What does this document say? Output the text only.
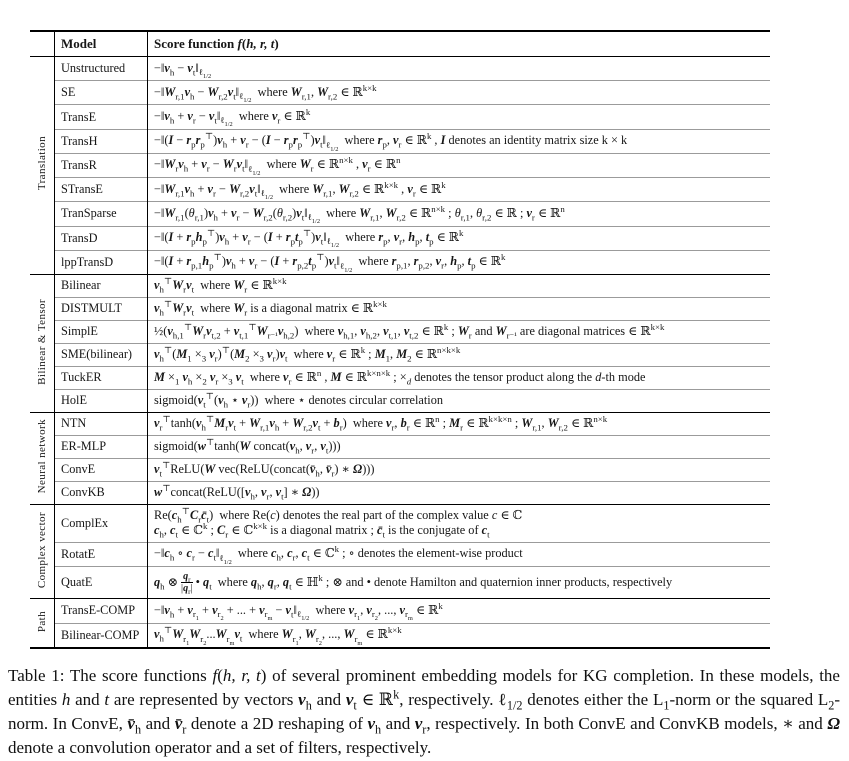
	Model	Score function f(h, r, t)
Translation	Unstructured	$-‖v_h$ − $v_t‖_{\ell_{1/2}}$
	SE	$-‖W_{r,1}v_h$ − $W_{r,2}v_t‖_{\ell_{1/2}}$  where $W_{r,1}$, $W_{r,2}$ ∈ ℝ$^{k\times k}$
	TransE	$-‖v_h + v_r$ − $v_t‖_{\ell_{1/2}}$  where $v_r$ ∈ ℝ$^k$
	TransH	−‖(I − $r_pr_p^⊤)v_h + v_r - (I$ − $r_pr_p^⊤)v_t‖_{\ell_{1/2}}$  where $r_p$, $v_r$ ∈ ℝ$^k$ , I denotes an identity matrix size k × k
	TransR	$-‖W_rv_h + v_r$ − $W_rv_t‖_{\ell_{1/2}}$  where $W_r$ ∈ ℝ$^{n\times k}$ , $v_r$ ∈ ℝ$^n$
	STransE	$-‖W_{r,1}v_h + v_r$ − $W_{r,2}v_t‖_{\ell_{1/2}}$  where $W_{r,1}$, $W_{r,2}$ ∈ ℝ$^{k\times k}$ , $v_r$ ∈ ℝ$^k$
	TranSparse	$-‖W_{r,1}(\theta_{r,1})v_h + v_r$ − $W_{r,2}(\theta_{r,2})v_t‖_{\ell_{1/2}}$  where $W_{r,1}$, $W_{r,2}$ ∈ ℝ$^{n\times k}$ ; $\theta_{r,1}$, $\theta_{r,2}$ ∈ ℝ ; $v_r$ ∈ ℝ$^n$
	TransD	−‖(I + $r_ph_p^⊤)v_h + v_r - (I$ + $r_pt_p^⊤)v_t‖_{\ell_{1/2}}$  where $r_p$, $v_r$, $h_p$, $t_p$ ∈ ℝ$^k$
	lppTransD	−‖(I + $r_{p,1}h_p^⊤)v_h + v_r - (I$ + $r_{p,2}t_p^⊤)v_t‖_{\ell_{1/2}}$  where $r_{p,1}$, $r_{p,2}$, $v_r$, $h_p$, $t_p$ ∈ ℝ$^k$
Bilinear & Tensor	Bilinear	$v_h^⊤W_rv_t$  where $W_r$ ∈ ℝ$^{k\times k}$
	DISTMULT	$v_h^⊤W_rv_t$  where $W_r$ is a diagonal matrix ∈ ℝ$^{k\times k}$
	SimplE	$\frac{1}{2}(v_{h,1}^⊤W_rv_{t,2} + v_{t,1}^⊤W_{r^{-1}}v_{h,2})$  where $v_{h,1}$, $v_{h,2}$, $v_{t,1}$, $v_{t,2}$ ∈ ℝ$^k$ ; $W_r$ and $W_{r^{-1}}$ are diagonal matrices ∈ ℝ$^{k\times k}$
	SME(bilinear)	$v_h^⊤(M_1 \times_3$ $v_r)^⊤(M_2 \times_3$ $v_r)v_t$  where $v_r$ ∈ ℝ$^k$ ; $M_1$, $M_2$ ∈ ℝ$^{n\times k\times k}$
	TuckER	$M \times_1$ $v_h \times_2$ $v_r \times_3$ $v_t$  where $v_r$ ∈ ℝ$^n$ , M ∈ ℝ$^{k\times n\times k}$ ; $\times_d$ denotes the tensor product along the d-th mode
	HolE	$sigmoid(v_t^⊤(v_h$ ⋆ $v_r$))  where ⋆ denotes circular correlation
Neural network	NTN	$v_r^⊤\tanh(v_h^⊤M_rv_t + W_{r,1}v_h + W_{r,2}v_t + b_r)$  where $v_r$, $b_r$ ∈ ℝ$^n$ ; $M_r$ ∈ ℝ$^{k\times k\times n}$ ; $W_{r,1}$, $W_{r,2}$ ∈ ℝ$^{n\times k}$
	ER-MLP	sigmoid(w⊤tanh(W $concat(v_h$, $v_r$, $v_t$)))
	ConvE	$v_t^⊤ReLU(W$ $vec(ReLU(concat(v̄_h$, $v̄_r$) ∗ Ω)))
	ConvKB	$w^⊤concat(ReLU([v_h$, $v_r$, $v_t$] ∗ Ω))
Complex vector	ComplEx	$Re(c_h^⊤C_rc̄_t)$  where Re(c) denotes the real part of the complex value c ∈ ℂ
$c_h$, $c_t$ ∈ ℂ$^k$ ; $C_r$ ∈ ℂ$^{k\times k}$ is a diagonal matrix ; $c̄_t$ is the conjugate of $c_t$
	RotatE	$-‖c_h$ ∘ $c_r$ − $c_t‖_{\ell_{1/2}}$  where $c_h$, $c_r$, $c_t$ ∈ ℂ$^k$ ; ∘ denotes the element-wise product
	QuatE	$q_h$ ⊗ $\frac{q_r}{|q_r|}$ • $q_t$  where $q_h$, $q_r$, $q_t$ ∈ ℍ$^k$ ; ⊗ and • denote Hamilton and quaternion inner products, respectively
Path	TransE-COMP	$-‖v_h + v_{r_1} + v_{r_2}$ + ... + $v_{r_m}$ − $v_t‖_{\ell_{1/2}}$  where $v_{r_1}$, $v_{r_2}$, ..., $v_{r_m}$ ∈ ℝ$^k$
	Bilinear-COMP	$v_h^⊤W_{r_1}W_{r_2}...W_{r_m}v_t$  where $W_{r_1}$, $W_{r_2}$, ..., $W_{r_m}$ ∈ ℝ$^{k\times k}$

Table 1: The score functions f(h, r, t) of several prominent embedding models for KG completion. In these models, the entities h and t are represented by vectors $v_h$ and $v_t$ ∈ ℝ$^k$, respectively. ℓ$_{1/2}$ denotes either the $L_1$-norm or the squared $L_2$-norm. In ConvE, $v̄_h$ and $v̄_r$ denote a 2D reshaping of $v_h$ and $v_r$, respectively. In both ConvE and ConvKB models, ∗ and Ω denote a convolution operator and a set of filters, respectively.
